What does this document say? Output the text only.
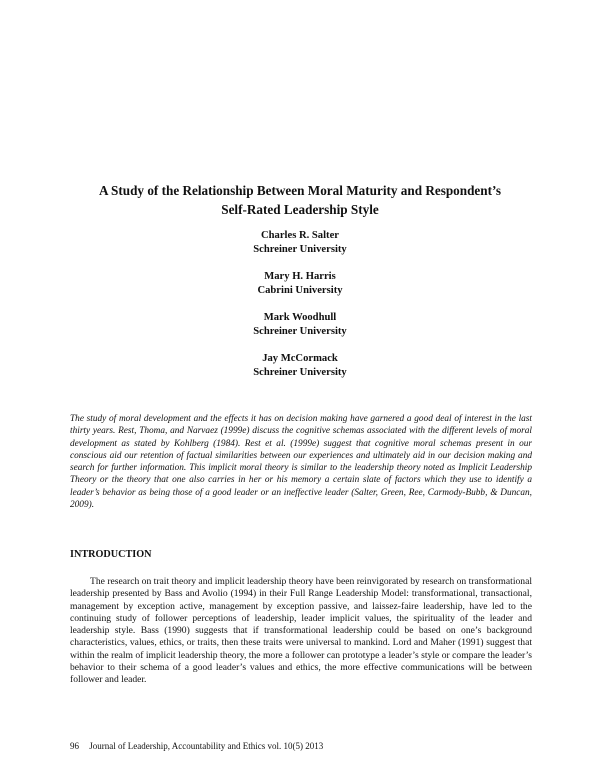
A Study of the Relationship Between Moral Maturity and Respondent’s
Self-Rated Leadership Style
Charles R. Salter
Schreiner University
Mary H. Harris
Cabrini University
Mark Woodhull
Schreiner University
Jay McCormack
Schreiner University

The study of moral development and the effects it has on decision making have garnered a good deal of interest in the last thirty years. Rest, Thoma, and Narvaez (1999e) discuss the cognitive schemas associated with the different levels of moral development as stated by Kohlberg (1984). Rest et al. (1999e) suggest that cognitive moral schemas present in our conscious aid our retention of factual similarities between our experiences and ultimately aid in our decision making and search for further information. This implicit moral theory is similar to the leadership theory noted as Implicit Leadership Theory or the theory that one also carries in her or his memory a certain slate of factors which they use to identify a leader’s behavior as being those of a good leader or an ineffective leader (Salter, Green, Ree, Carmody-Bubb, & Duncan, 2009).

INTRODUCTION

The research on trait theory and implicit leadership theory have been reinvigorated by research on transformational leadership presented by Bass and Avolio (1994) in their Full Range Leadership Model: transformational, transactional, management by exception active, management by exception passive, and laissez-faire leadership, have led to the continuing study of follower perceptions of leadership, leader implicit values, the spirituality of the leader and leadership style. Bass (1990) suggests that if transformational leadership could be based on one’s background characteristics, values, ethics, or traits, then these traits were universal to mankind. Lord and Maher (1991) suggest that within the realm of implicit leadership theory, the more a follower can prototype a leader’s style or compare the leader’s behavior to their schema of a good leader’s values and ethics, the more effective communications will be between follower and leader.

96 Journal of Leadership, Accountability and Ethics vol. 10(5) 2013
